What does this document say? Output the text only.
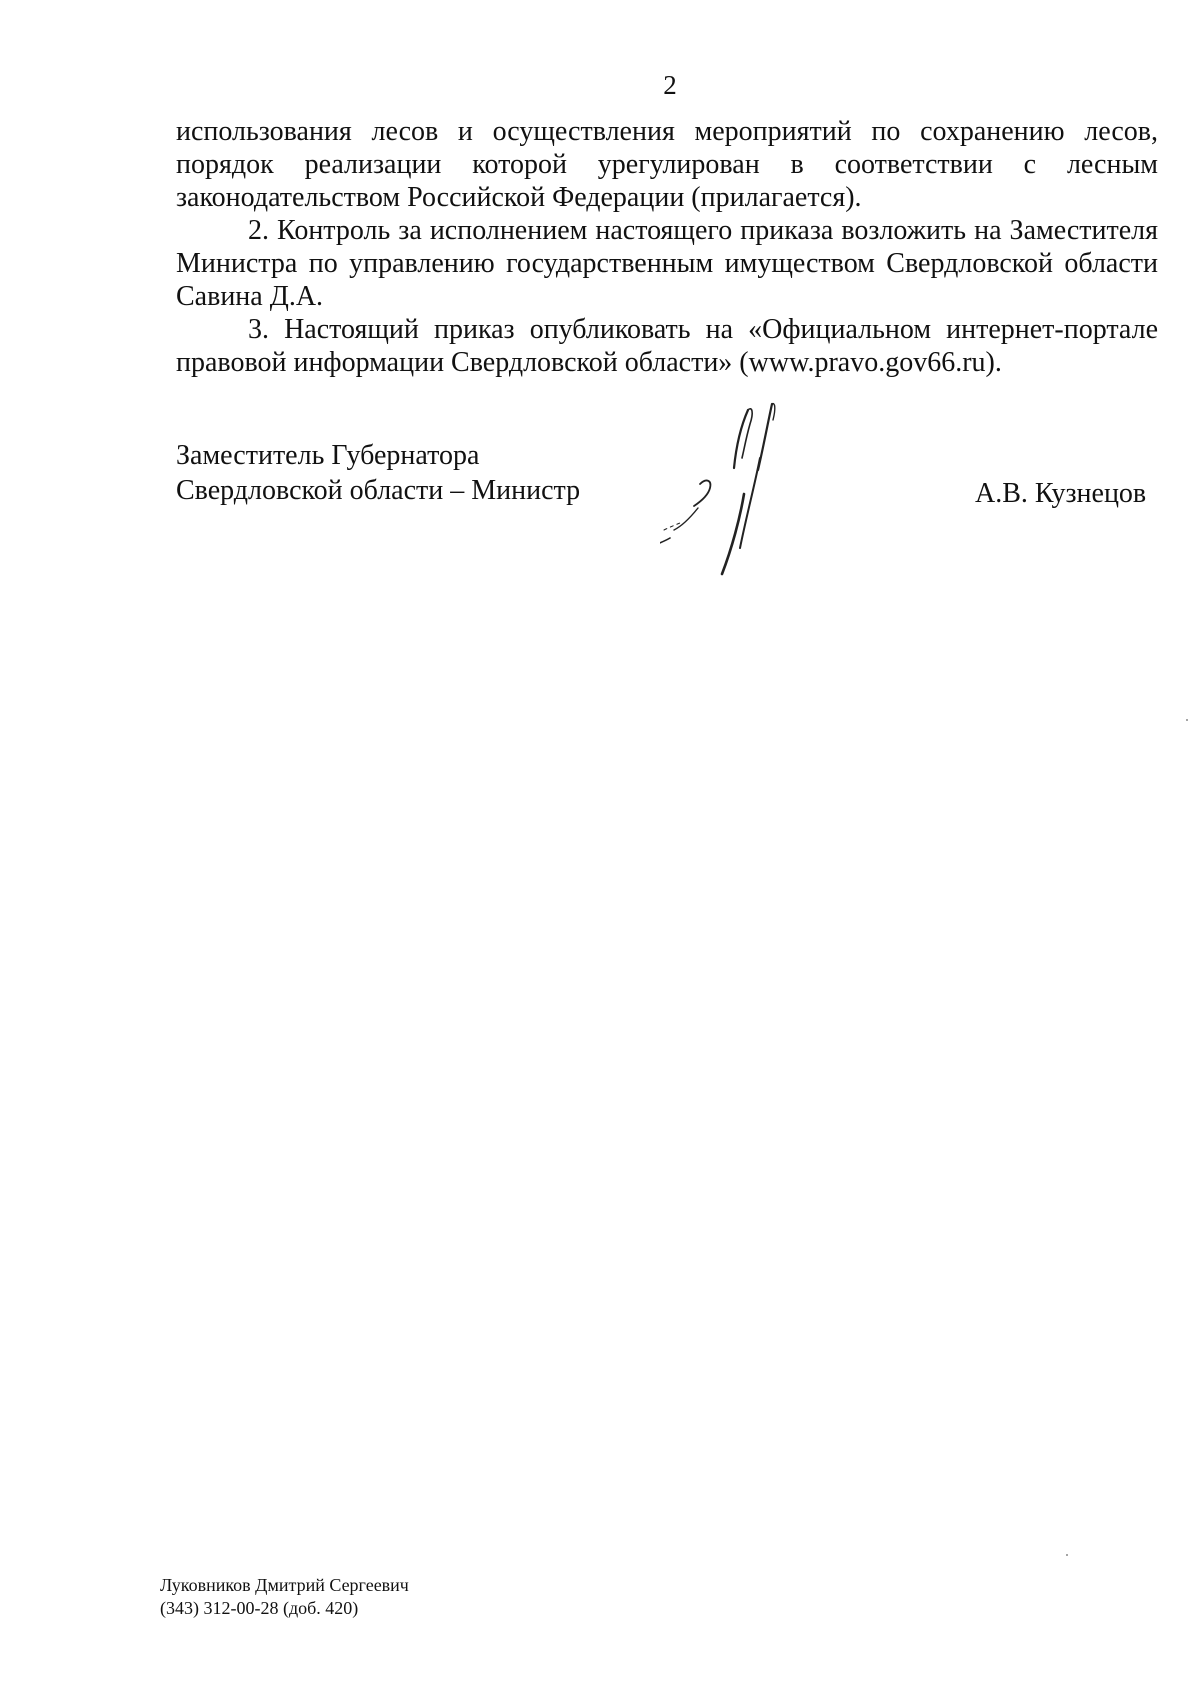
2

использования лесов и осуществления мероприятий по сохранению лесов, порядок реализации которой урегулирован в соответствии с лесным законодательством Российской Федерации (прилагается).

2. Контроль за исполнением настоящего приказа возложить на Заместителя Министра по управлению государственным имуществом Свердловской области Савина Д.А.

3. Настоящий приказ опубликовать на «Официальном интернет-портале правовой информации Свердловской области» (www.pravo.gov66.ru).

Заместитель Губернатора
Свердловской области – Министр	А.В. Кузнецов
Луковников Дмитрий Сергеевич
(343) 312-00-28 (доб. 420)
